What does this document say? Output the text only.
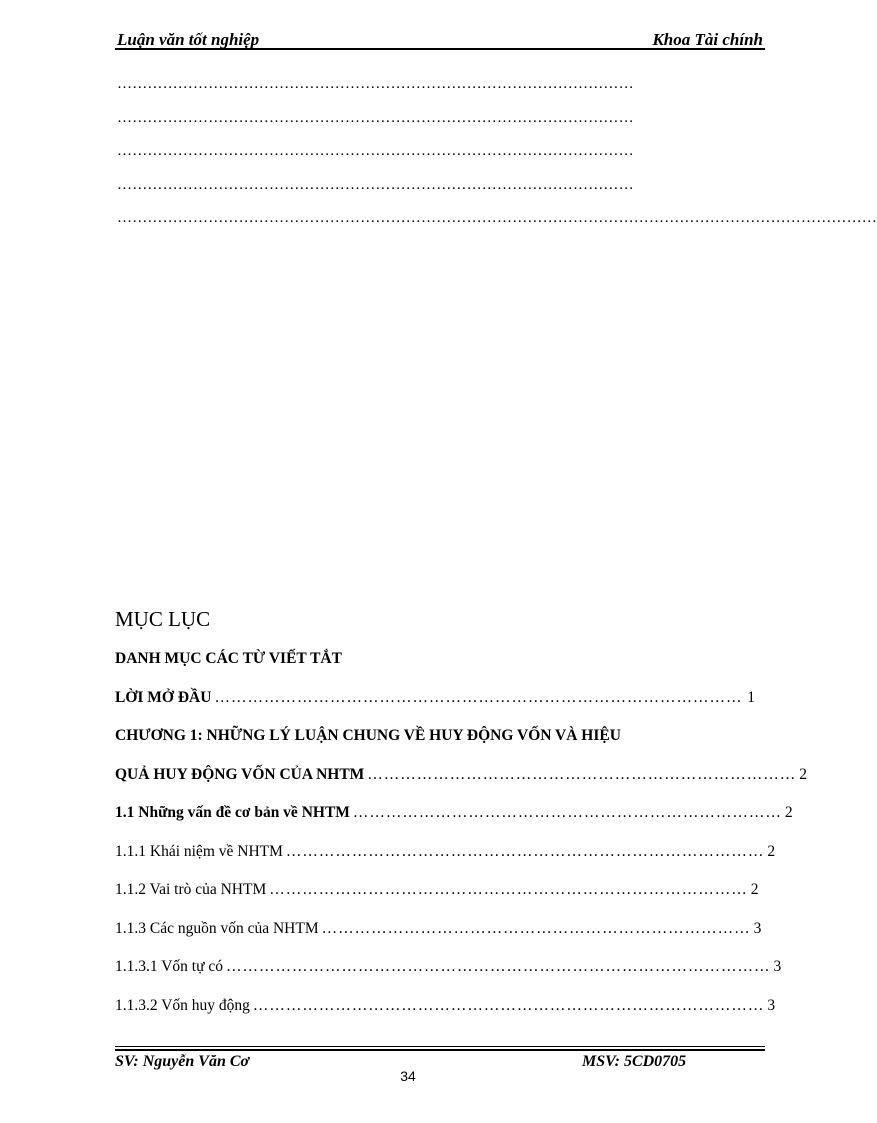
Luận văn tốt nghiệp	Khoa Tài chính
…………………………………………………………………………………………
…………………………………………………………………………………………
…………………………………………………………………………………………
…………………………………………………………………………………………
……………………………………………………………………………………………………………………………………
MỤC LỤC
DANH MỤC CÁC TỪ VIẾT TẮT
LỜI MỞ ĐẦU …………………………………………………………………………………… 1
CHƯƠNG 1: NHỮNG LÝ LUẬN CHUNG VỀ HUY ĐỘNG VỐN VÀ HIỆU
QUẢ HUY ĐỘNG VỐN CỦA NHTM …………………………………………………………………… 2
1.1 Những vấn đề cơ bản về NHTM …………………………………………………………………… 2
1.1.1 Khái niệm về NHTM …………………………………………………………………………… 2
1.1.2 Vai trò của NHTM …………………………………………………………………………… 2
1.1.3 Các nguồn vốn của NHTM …………………………………………………………………… 3
1.1.3.1 Vốn tự có ……………………………………………………………………………………… 3
1.1.3.2 Vốn huy động ………………………………………………………………………………… 3
SV: Nguyễn Văn Cơ	MSV: 5CD0705
34
